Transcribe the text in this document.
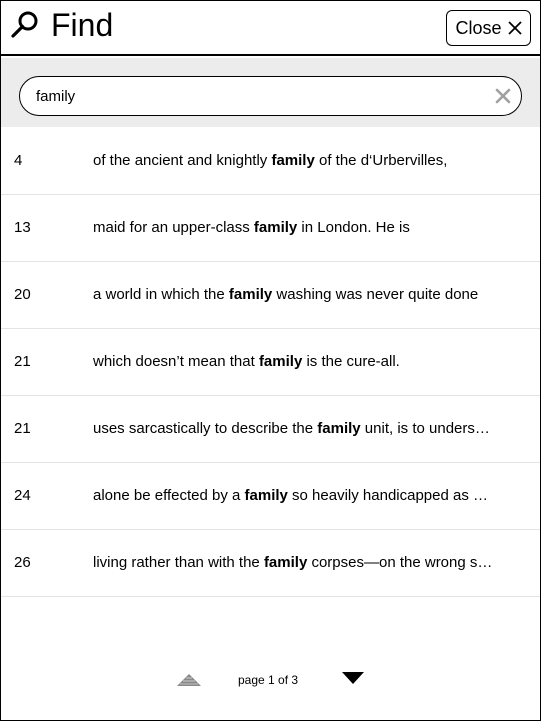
Find	Close
family
4	of the ancient and knightly family of the d‘Urbervilles,
13	maid for an upper-class family in London. He is
20	a world in which the family washing was never quite done
21	which doesn’t mean that family is the cure-all.
21	uses sarcastically to describe the family unit, is to unders…
24	alone be effected by a family so heavily handicapped as …
26	living rather than with the family corpses—on the wrong s…
page 1 of 3
